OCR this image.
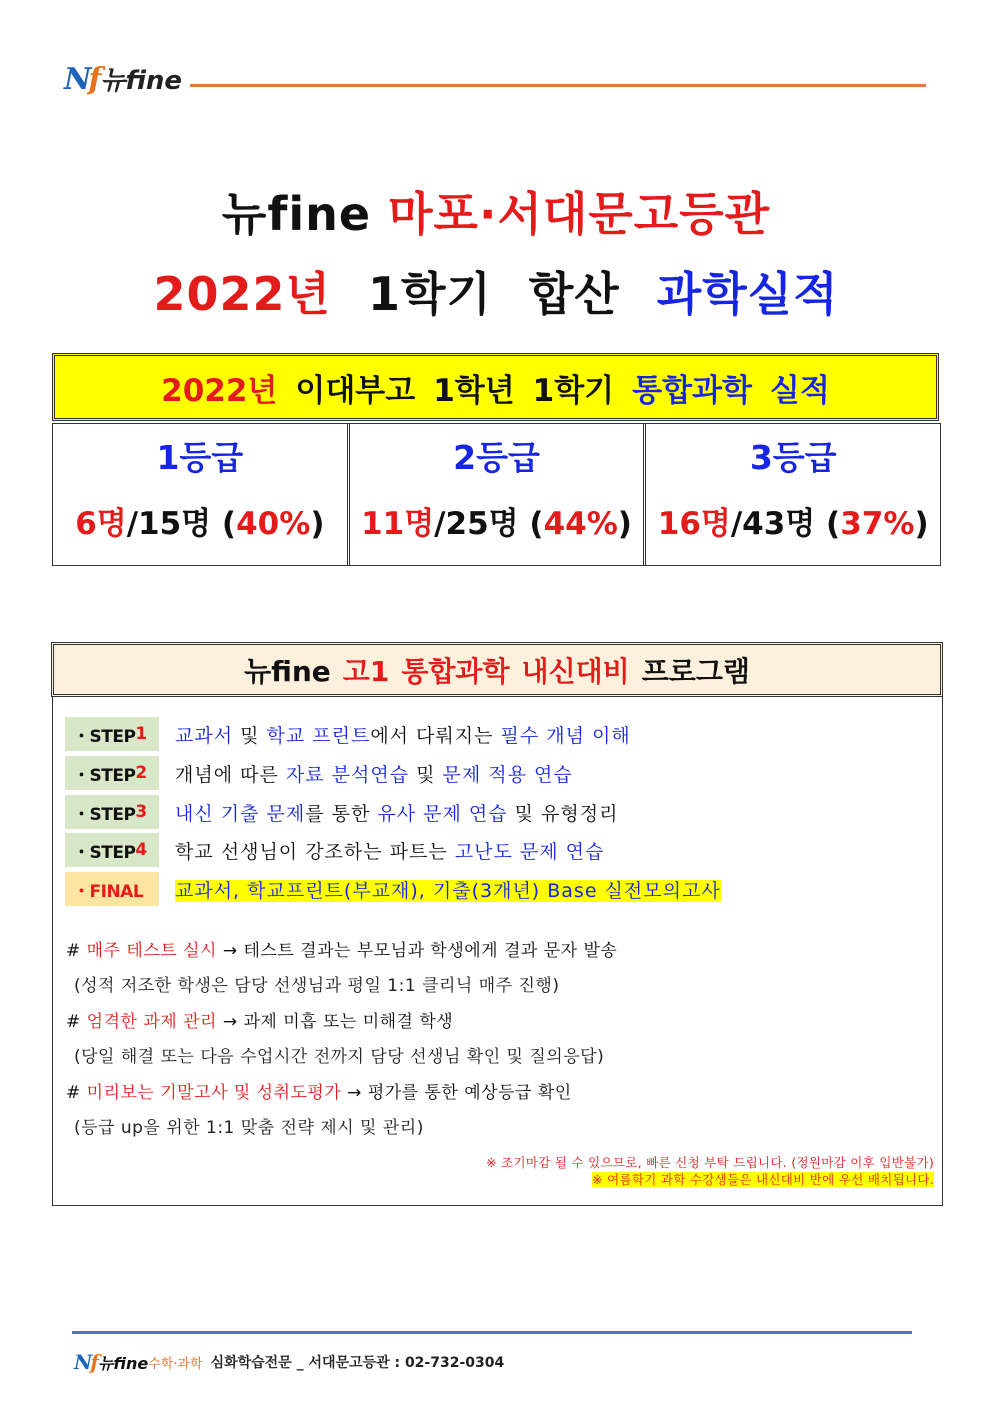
Nf 뉴fine
뉴fine 마포·서대문고등관
2022년 1학기 합산 과학실적
2022년 이대부고 1학년 1학기 통합과학 실적
1등급
6명/15명 (40%)
2등급
11명/25명 (44%)
3등급
16명/43명 (37%)
뉴fine 고1 통합과학 내신대비 프로그램
・STEP 1 교과서 및 학교 프린트에서 다뤄지는 필수 개념 이해
・STEP 2 개념에 따른 자료 분석연습 및 문제 적용 연습
・STEP 3 내신 기출 문제를 통한 유사 문제 연습 및 유형정리
・STEP 4 학교 선생님이 강조하는 파트는 고난도 문제 연습
・FINAL	교과서, 학교프린트(부교재), 기출(3개년) Base 실전모의고사
# 매주 테스트 실시 → 테스트 결과는 부모님과 학생에게 결과 문자 발송
(성적 저조한 학생은 담당 선생님과 평일 1:1 클리닉 매주 진행)
# 엄격한 과제 관리 → 과제 미흡 또는 미해결 학생
(당일 해결 또는 다음 수업시간 전까지 담당 선생님 확인 및 질의응답)
# 미리보는 기말고사 및 성취도평가 → 평가를 통한 예상등급 확인
(등급 up을 위한 1:1 맞춤 전략 제시 및 관리)
※ 조기마감 될 수 있으므로, 빠른 신청 부탁 드립니다. (정원마감 이후 입반불가)
※ 여름학기 과학 수강생들은 내신대비 반에 우선 배치됩니다.
Nf 뉴fine 수학·과학 심화학습전문 _ 서대문고등관 : 02-732-0304
